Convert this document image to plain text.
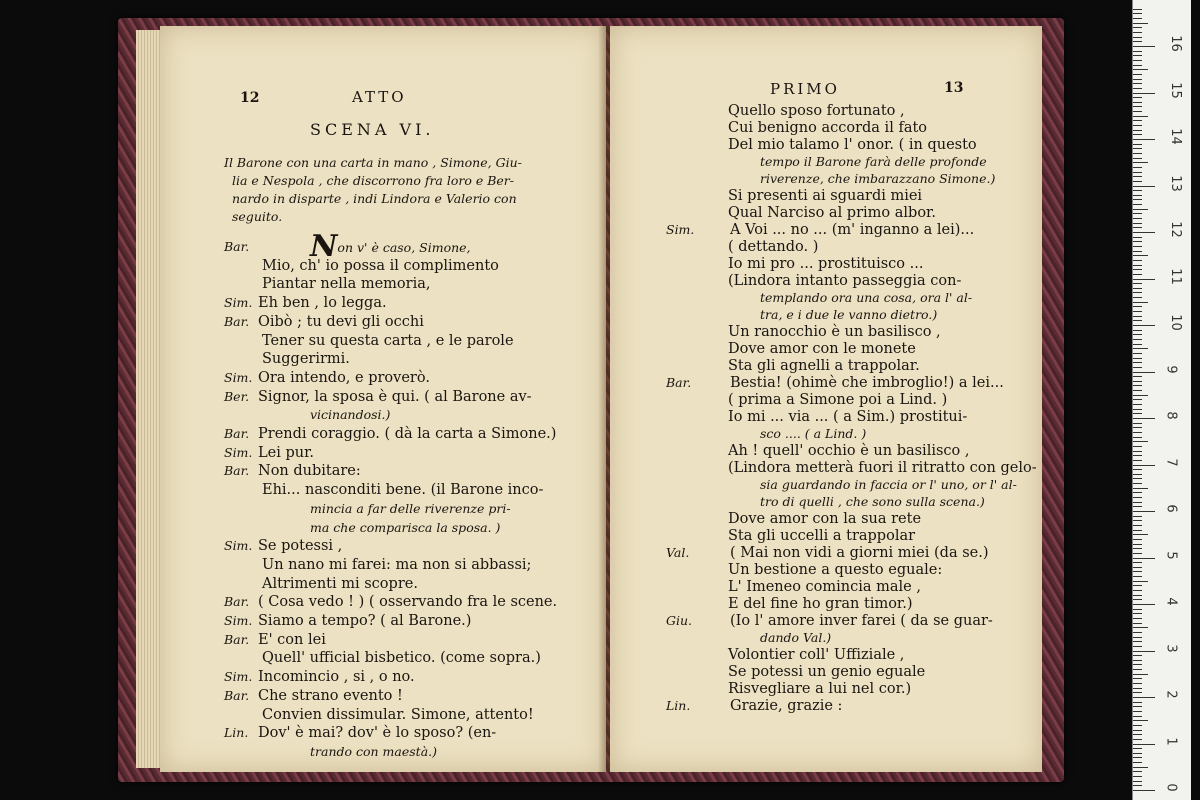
12	ATTO
SCENA VI.
Il Barone con una carta in mano , Simone, Giu-
lia e Nespola , che discorrono fra loro e Ber-
nardo in disparte , indi Lindora e Valerio con
seguito.
Bar. Non v' è caso, Simone,
Mio, ch' io possa il complimento
Piantar nella memoria,
Sim. Eh ben , lo legga.
Bar. Oibò ; tu devi gli occhi
Tener su questa carta , e le parole
Suggerirmi.
Sim. Ora intendo, e proverò.
Ber. Signor, la sposa è qui. ( al Barone av-
vicinandosi.)
Bar. Prendi coraggio. ( dà la carta a Simone.)
Sim. Lei pur.
Bar. Non dubitare:
Ehi... nasconditi bene. (il Barone inco-
mincia a far delle riverenze pri-
ma che comparisca la sposa. )
Sim. Se potessi ,
Un nano mi farei: ma non si abbassi;
Altrimenti mi scopre.
Bar. ( Cosa vedo ! ) ( osservando fra le scene.
Sim. Siamo a tempo? ( al Barone.)
Bar. E' con lei
Quell' ufficial bisbetico. (come sopra.)
Sim. Incomincio , si , o no.
Bar. Che strano evento !
Convien dissimular. Simone, attento!
Lin. Dov' è mai? dov' è lo sposo? (en-
trando con maestà.)
PRIMO	13
Quello sposo fortunato ,
Cui benigno accorda il fato
Del mio talamo l' onor. ( in questo
tempo il Barone farà delle profonde
riverenze, che imbarazzano Simone.)
Si presenti ai sguardi miei
Qual Narciso al primo albor.
Sim. A Voi ... no ... (m' inganno a lei)...
( dettando. )
Io mi pro ... prostituisco ...
(Lindora intanto passeggia con-
templando ora una cosa, ora l' al-
tra, e i due le vanno dietro.)
Un ranocchio è un basilisco ,
Dove amor con le monete
Sta gli agnelli a trappolar.
Bar.	Bestia! (ohimè che imbroglio!) a lei...
( prima a Simone poi a Lind. )
Io mi ... via ... ( a Sim.) prostitui-
sco .... ( a Lind. )
Ah ! quell' occhio è un basilisco ,
(Lindora metterà fuori il ritratto con gelo-
sia guardando in faccia or l' uno, or l' al-
tro di quelli , che sono sulla scena.)
Dove amor con la sua rete
Sta gli uccelli a trappolar
Val.	( Mai non vidi a giorni miei (da se.)
Un bestione a questo eguale:
L' Imeneo comincia male ,
E del fine ho gran timor.)
Giu.	(Io l' amore inver farei ( da se guar-
dando Val.)
Volontier coll' Uffiziale ,
Se potessi un genio eguale
Risvegliare a lui nel cor.)
Lin.	Grazie, grazie :
0
1
2
3
4
5
6
7
8
9
10
11
12
13
14
15
16
